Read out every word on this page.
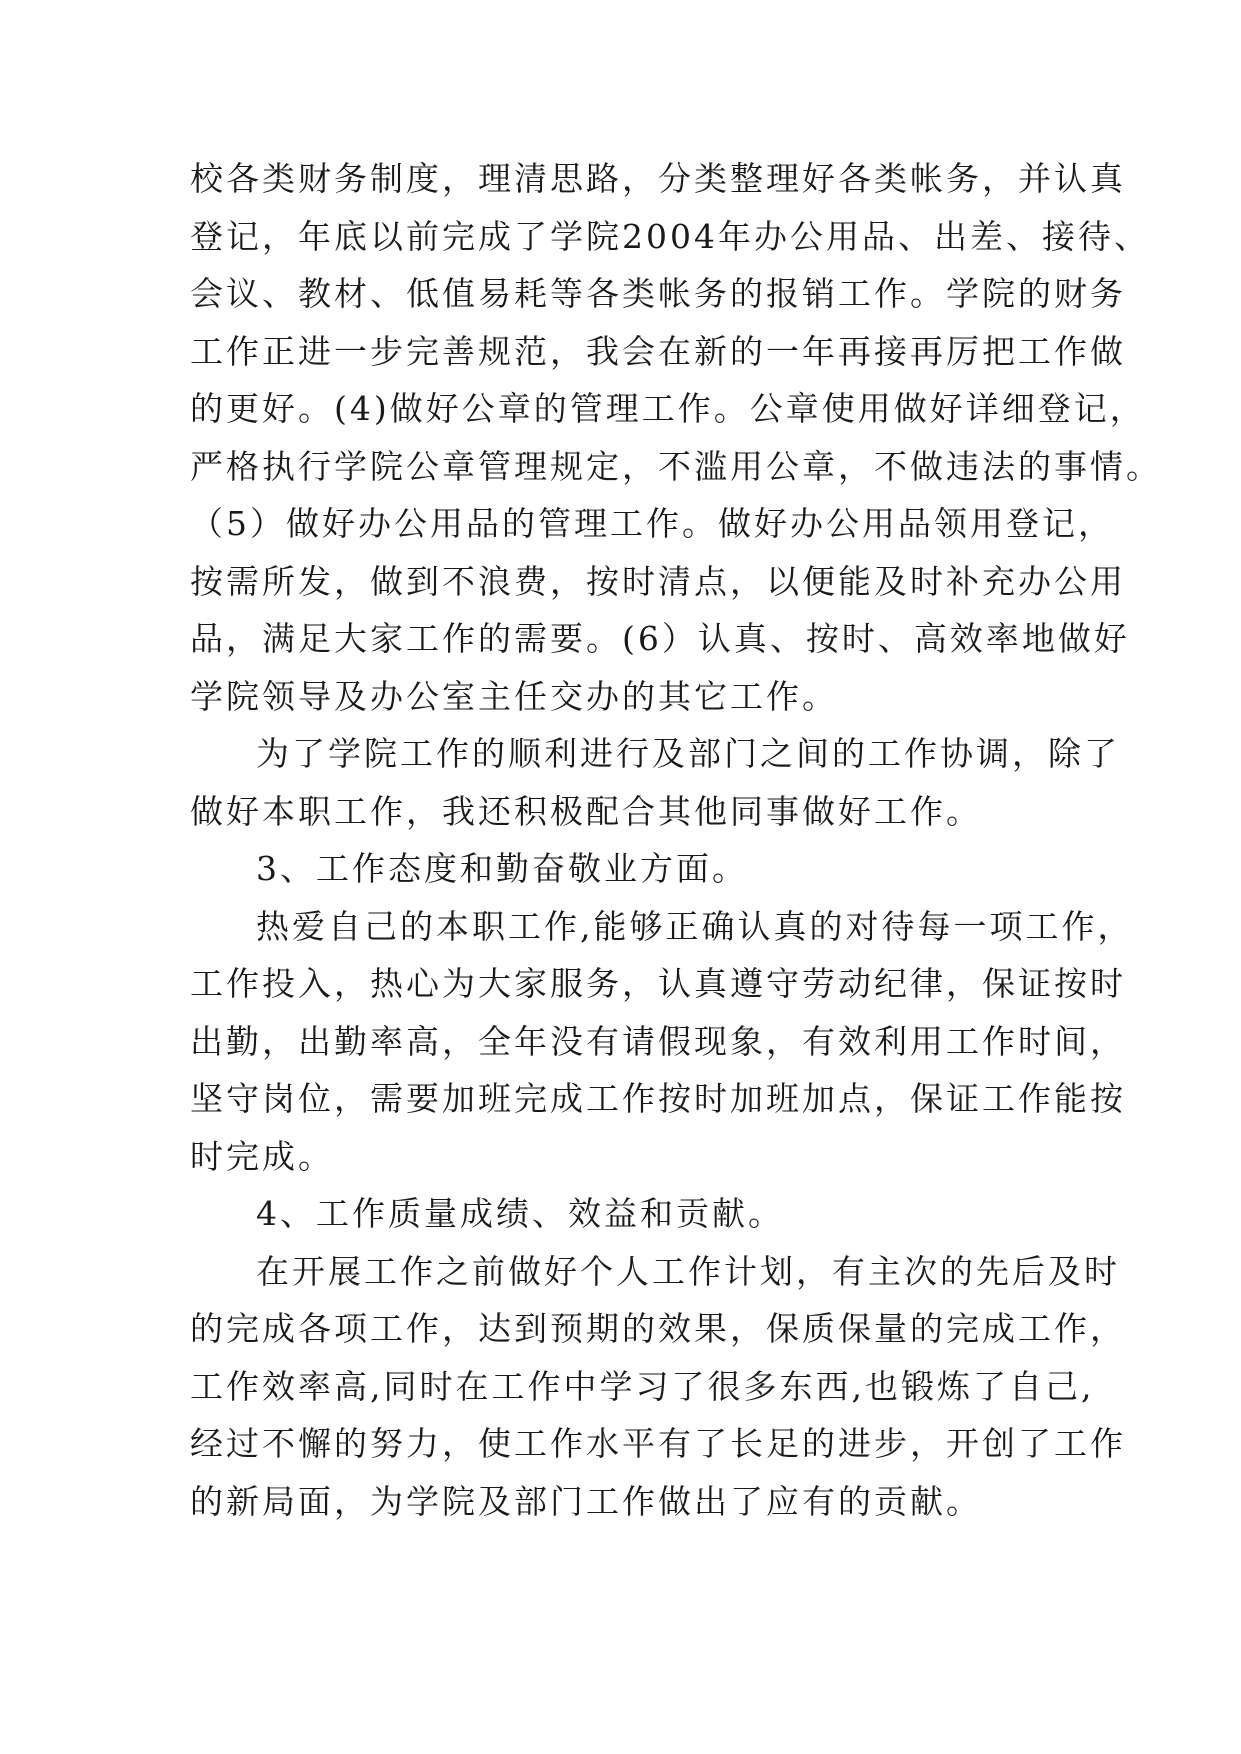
校各类财务制度，理清思路，分类整理好各类帐务，并认真
登记，年底以前完成了学院2004年办公用品、出差、接待、
会议、教材、低值易耗等各类帐务的报销工作。学院的财务
工作正进一步完善规范，我会在新的一年再接再厉把工作做
的更好。(4)做好公章的管理工作。公章使用做好详细登记，
严格执行学院公章管理规定，不滥用公章，不做违法的事情。
（5）做好办公用品的管理工作。做好办公用品领用登记，
按需所发，做到不浪费，按时清点，以便能及时补充办公用
品，满足大家工作的需要。(6）认真、按时、高效率地做好
学院领导及办公室主任交办的其它工作。
为了学院工作的顺利进行及部门之间的工作协调，除了
做好本职工作，我还积极配合其他同事做好工作。
3、工作态度和勤奋敬业方面。
热爱自己的本职工作,能够正确认真的对待每一项工作，
工作投入，热心为大家服务，认真遵守劳动纪律，保证按时
出勤，出勤率高，全年没有请假现象，有效利用工作时间，
坚守岗位，需要加班完成工作按时加班加点，保证工作能按
时完成。
4、工作质量成绩、效益和贡献。
在开展工作之前做好个人工作计划，有主次的先后及时
的完成各项工作，达到预期的效果，保质保量的完成工作，
工作效率高,同时在工作中学习了很多东西,也锻炼了自己,
经过不懈的努力，使工作水平有了长足的进步，开创了工作
的新局面，为学院及部门工作做出了应有的贡献。
